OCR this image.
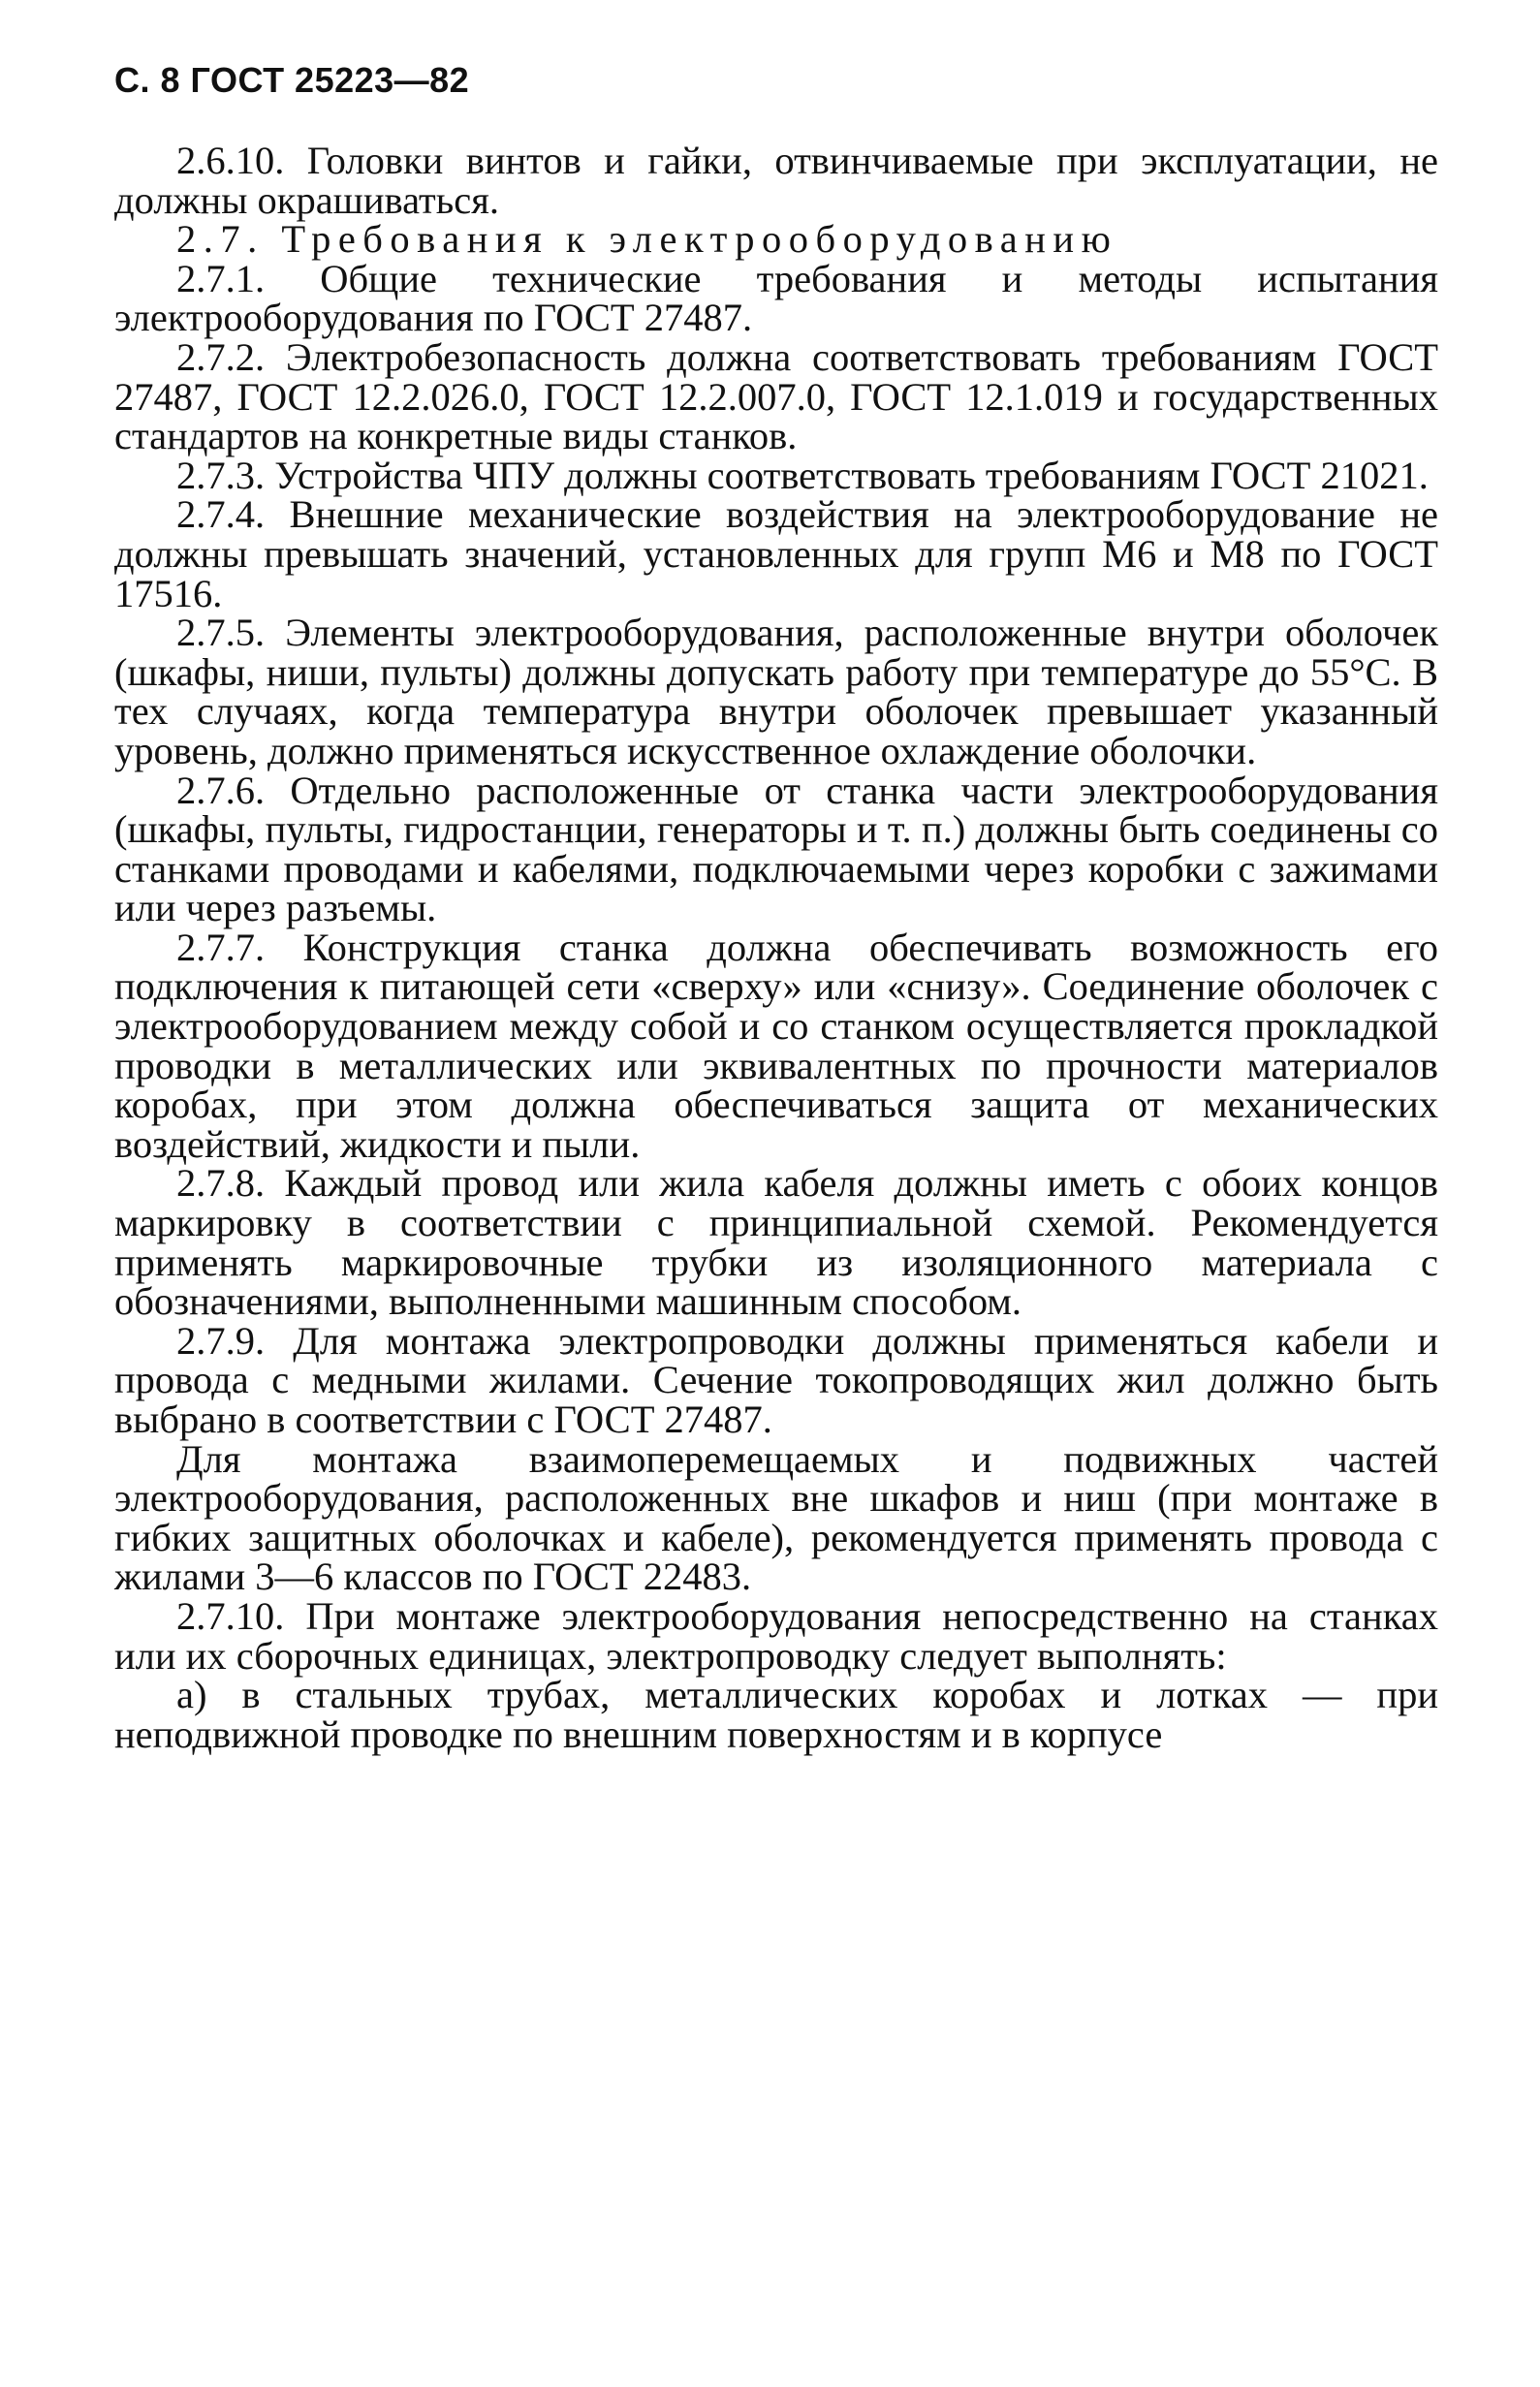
С. 8 ГОСТ 25223—82

2.6.10. Головки винтов и гайки, отвинчиваемые при эксплуатации, не должны окрашиваться.

2.7. Требования к электрооборудованию

2.7.1. Общие технические требования и методы испытания электрооборудования по ГОСТ 27487.

2.7.2. Электробезопасность должна соответствовать требованиям ГОСТ 27487, ГОСТ 12.2.026.0, ГОСТ 12.2.007.0, ГОСТ 12.1.019 и государственных стандартов на конкретные виды станков.

2.7.3. Устройства ЧПУ должны соответствовать требованиям ГОСТ 21021.

2.7.4. Внешние механические воздействия на электрооборудование не должны превышать значений, установленных для групп М6 и М8 по ГОСТ 17516.

2.7.5. Элементы электрооборудования, расположенные внутри оболочек (шкафы, ниши, пульты) должны допускать работу при температуре до 55°С. В тех случаях, когда температура внутри оболочек превышает указанный уровень, должно применяться искусственное охлаждение оболочки.

2.7.6. Отдельно расположенные от станка части электрооборудования (шкафы, пульты, гидростанции, генераторы и т. п.) должны быть соединены со станками проводами и кабелями, подключаемыми через коробки с зажимами или через разъемы.

2.7.7. Конструкция станка должна обеспечивать возможность его подключения к питающей сети «сверху» или «снизу». Соединение оболочек с электрооборудованием между собой и со станком осуществляется прокладкой проводки в металлических или эквивалентных по прочности материалов коробах, при этом должна обеспечиваться защита от механических воздействий, жидкости и пыли.

2.7.8. Каждый провод или жила кабеля должны иметь с обоих концов маркировку в соответствии с принципиальной схемой. Рекомендуется применять маркировочные трубки из изоляционного материала с обозначениями, выполненными машинным способом.

2.7.9. Для монтажа электропроводки должны применяться кабели и провода с медными жилами. Сечение токопроводящих жил должно быть выбрано в соответствии с ГОСТ 27487.

Для монтажа взаимоперемещаемых и подвижных частей электрооборудования, расположенных вне шкафов и ниш (при монтаже в гибких защитных оболочках и кабеле), рекомендуется применять провода с жилами 3—6 классов по ГОСТ 22483.

2.7.10. При монтаже электрооборудования непосредственно на станках или их сборочных единицах, электропроводку следует выполнять:

а) в стальных трубах, металлических коробах и лотках — при неподвижной проводке по внешним поверхностям и в корпусе
